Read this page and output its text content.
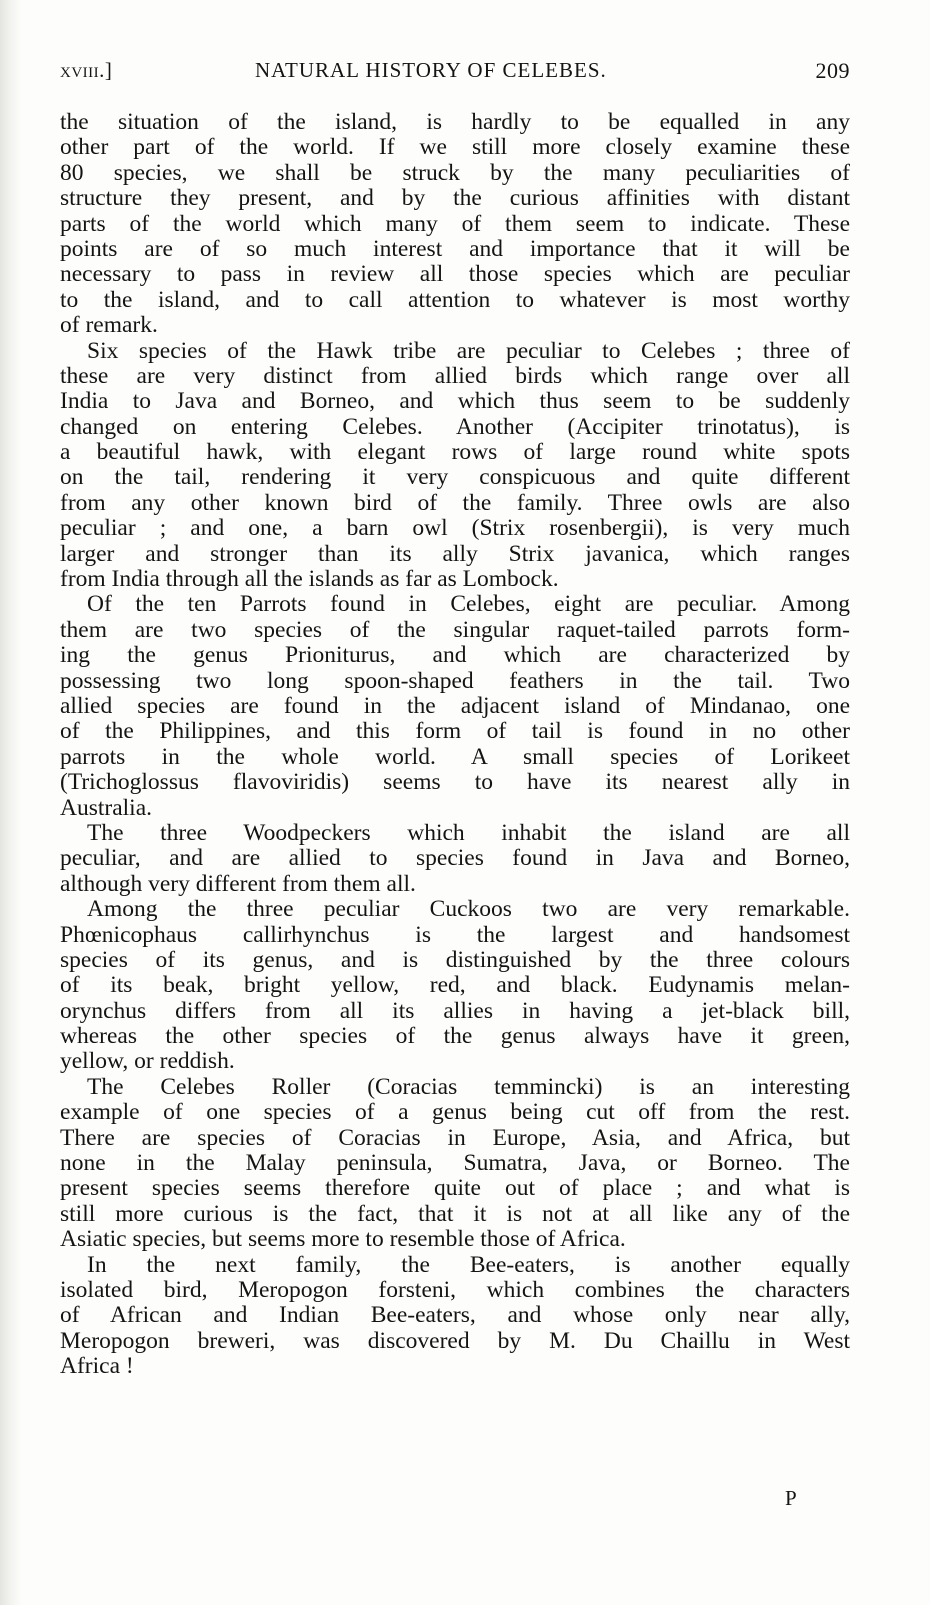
xviii.]	NATURAL HISTORY OF CELEBES.	209
the situation of the island, is hardly to be equalled in any
other part of the world. If we still more closely examine these
80 species, we shall be struck by the many peculiarities of
structure they present, and by the curious affinities with distant
parts of the world which many of them seem to indicate. These
points are of so much interest and importance that it will be
necessary to pass in review all those species which are peculiar
to the island, and to call attention to whatever is most worthy
of remark.
Six species of the Hawk tribe are peculiar to Celebes ; three of
these are very distinct from allied birds which range over all
India to Java and Borneo, and which thus seem to be suddenly
changed on entering Celebes. Another (Accipiter trinotatus), is
a beautiful hawk, with elegant rows of large round white spots
on the tail, rendering it very conspicuous and quite different
from any other known bird of the family. Three owls are also
peculiar ; and one, a barn owl (Strix rosenbergii), is very much
larger and stronger than its ally Strix javanica, which ranges
from India through all the islands as far as Lombock.
Of the ten Parrots found in Celebes, eight are peculiar. Among
them are two species of the singular raquet-tailed parrots form-
ing the genus Prioniturus, and which are characterized by
possessing two long spoon-shaped feathers in the tail. Two
allied species are found in the adjacent island of Mindanao, one
of the Philippines, and this form of tail is found in no other
parrots in the whole world. A small species of Lorikeet
(Trichoglossus flavoviridis) seems to have its nearest ally in
Australia.
The three Woodpeckers which inhabit the island are all
peculiar, and are allied to species found in Java and Borneo,
although very different from them all.
Among the three peculiar Cuckoos two are very remarkable.
Phœnicophaus callirhynchus is the largest and handsomest
species of its genus, and is distinguished by the three colours
of its beak, bright yellow, red, and black. Eudynamis melan-
orynchus differs from all its allies in having a jet-black bill,
whereas the other species of the genus always have it green,
yellow, or reddish.
The Celebes Roller (Coracias temmincki) is an interesting
example of one species of a genus being cut off from the rest.
There are species of Coracias in Europe, Asia, and Africa, but
none in the Malay peninsula, Sumatra, Java, or Borneo. The
present species seems therefore quite out of place ; and what is
still more curious is the fact, that it is not at all like any of the
Asiatic species, but seems more to resemble those of Africa.
In the next family, the Bee-eaters, is another equally
isolated bird, Meropogon forsteni, which combines the characters
of African and Indian Bee-eaters, and whose only near ally,
Meropogon breweri, was discovered by M. Du Chaillu in West
Africa !
P
